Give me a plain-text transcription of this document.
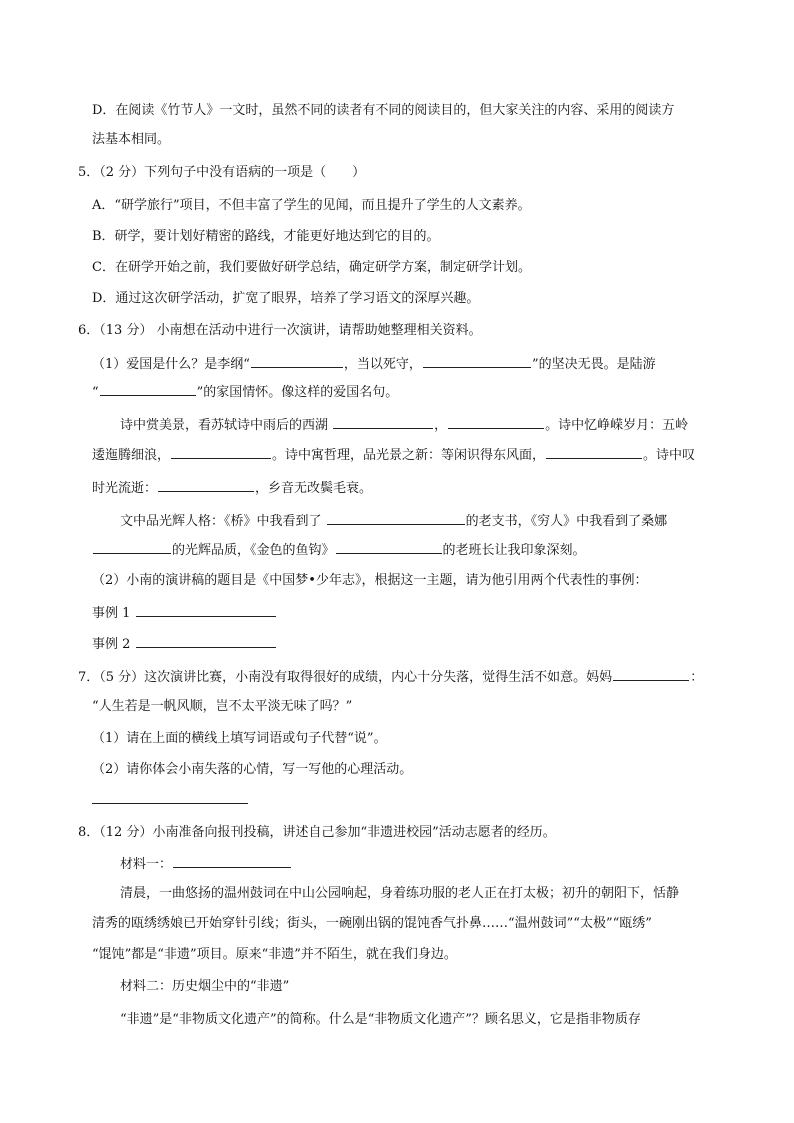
D．在阅读《竹节人》一文时，虽然不同的读者有不同的阅读目的，但大家关注的内容、采用的阅读方
法基本相同。
5．（2 分）下列句子中没有语病的一项是（　　）
A．“研学旅行”项目，不但丰富了学生的见闻，而且提升了学生的人文素养。
B．研学，要计划好精密的路线，才能更好地达到它的目的。
C．在研学开始之前，我们要做好研学总结，确定研学方案，制定研学计划。
D．通过这次研学活动，扩宽了眼界，培养了学习语文的深厚兴趣。
6．（13 分） 小南想在活动中进行一次演讲，请帮助她整理相关资料。
（1）爱国是什么？是李纲“	，当以死守，	”的坚决无畏。是陆游
“	”的家国情怀。像这样的爱国名句。
诗中赏美景，看苏轼诗中雨后的西湖	，	。诗中忆峥嵘岁月：五岭
逶迤腾细浪，	。诗中寓哲理，品光景之新：等闲识得东风面，	。诗中叹
时光流逝：	，乡音无改鬓毛衰。
文中品光辉人格：《桥》中我看到了	的老支书，《穷人》中我看到了桑娜
的光辉品质，《金色的鱼钩》	的老班长让我印象深刻。
（2）小南的演讲稿的题目是《中国梦•少年志》，根据这一主题，请为他引用两个代表性的事例：
事例 1
事例 2
7．（5 分）这次演讲比赛，小南没有取得很好的成绩，内心十分失落，觉得生活不如意。妈妈	：
“人生若是一帆风顺，岂不太平淡无味了吗？”
（1）请在上面的横线上填写词语或句子代替“说”。
（2）请你体会小南失落的心情，写一写他的心理活动。
8．（12 分）小南准备向报刊投稿，讲述自己参加“非遗进校园”活动志愿者的经历。
材料一：
清晨，一曲悠扬的温州鼓词在中山公园响起，身着练功服的老人正在打太极；初升的朝阳下，恬静
清秀的瓯绣绣娘已开始穿针引线；街头，一碗刚出锅的馄饨香气扑鼻……“温州鼓词”“太极”“瓯绣”
“馄饨”都是“非遗”项目。原来“非遗”并不陌生，就在我们身边。
材料二：历史烟尘中的“非遗”
“非遗”是“非物质文化遗产”的简称。什么是“非物质文化遗产”？顾名思义，它是指非物质存
